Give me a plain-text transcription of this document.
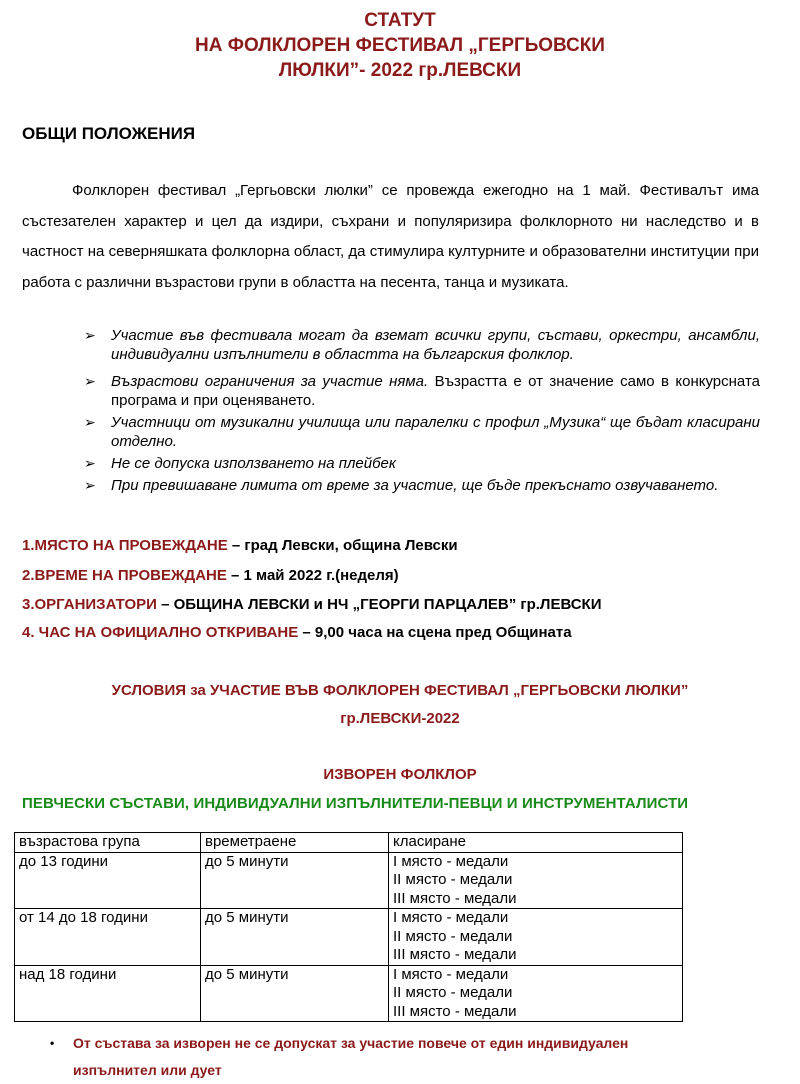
СТАТУТ
НА ФОЛКЛОРЕН ФЕСТИВАЛ „ГЕРГЬОВСКИ
ЛЮЛКИ”- 2022 гр.ЛЕВСКИ
ОБЩИ ПОЛОЖЕНИЯ

Фолклорен фестивал „Гергьовски люлки” се провежда ежегодно на 1 май. Фестивалът има състезателен характер и цел да издири, съхрани и популяризира фолклорното ни наследство и в частност на северняшката фолклорна област, да стимулира културните и образователни институции при работа с различни възрастови групи в областта на песента, танца и музиката.

➢ Участие във фестивала могат да вземат всички групи, състави, оркестри, ансамбли, индивидуални изпълнители в областта на българския фолклор.
➢ Възрастови ограничения за участие няма. Възрастта е от значение само в конкурсната програма и при оценяването.
➢ Участници от музикални училища или паралелки с профил „Музика“ ще бъдат класирани отделно.
➢ Не се допуска използването на плейбек
➢ При превишаване лимита от време за участие, ще бъде прекъснато озвучаването.

1.МЯСТО НА ПРОВЕЖДАНЕ – град Левски, община Левски

2.ВРЕМЕ НА ПРОВЕЖДАНЕ – 1 май 2022 г.(неделя)

3.ОРГАНИЗАТОРИ – ОБЩИНА ЛЕВСКИ и НЧ „ГЕОРГИ ПАРЦАЛЕВ” гр.ЛЕВСКИ

4. ЧАС НА ОФИЦИАЛНО ОТКРИВАНЕ – 9,00 часа на сцена пред Общината

УСЛОВИЯ за УЧАСТИЕ ВЪВ ФОЛКЛОРЕН ФЕСТИВАЛ „ГЕРГЬОВСКИ ЛЮЛКИ”

гр.ЛЕВСКИ-2022

ИЗВОРЕН ФОЛКЛОР

ПЕВЧЕСКИ СЪСТАВИ, ИНДИВИДУАЛНИ ИЗПЪЛНИТЕЛИ-ПЕВЦИ И ИНСТРУМЕНТАЛИСТИ

възрастова група	времетраене	класиране
до 13 години	до 5 минути	I място - медали
II място - медали
III място - медали

от 14 до 18 години	до 5 минути	I място - медали
II място - медали
III място - медали

над 18 години	до 5 минути	I място - медали
II място - медали
III място - медали
• От състава за изворен не се допускат за участие повече от един индивидуален
изпълнител или дует
